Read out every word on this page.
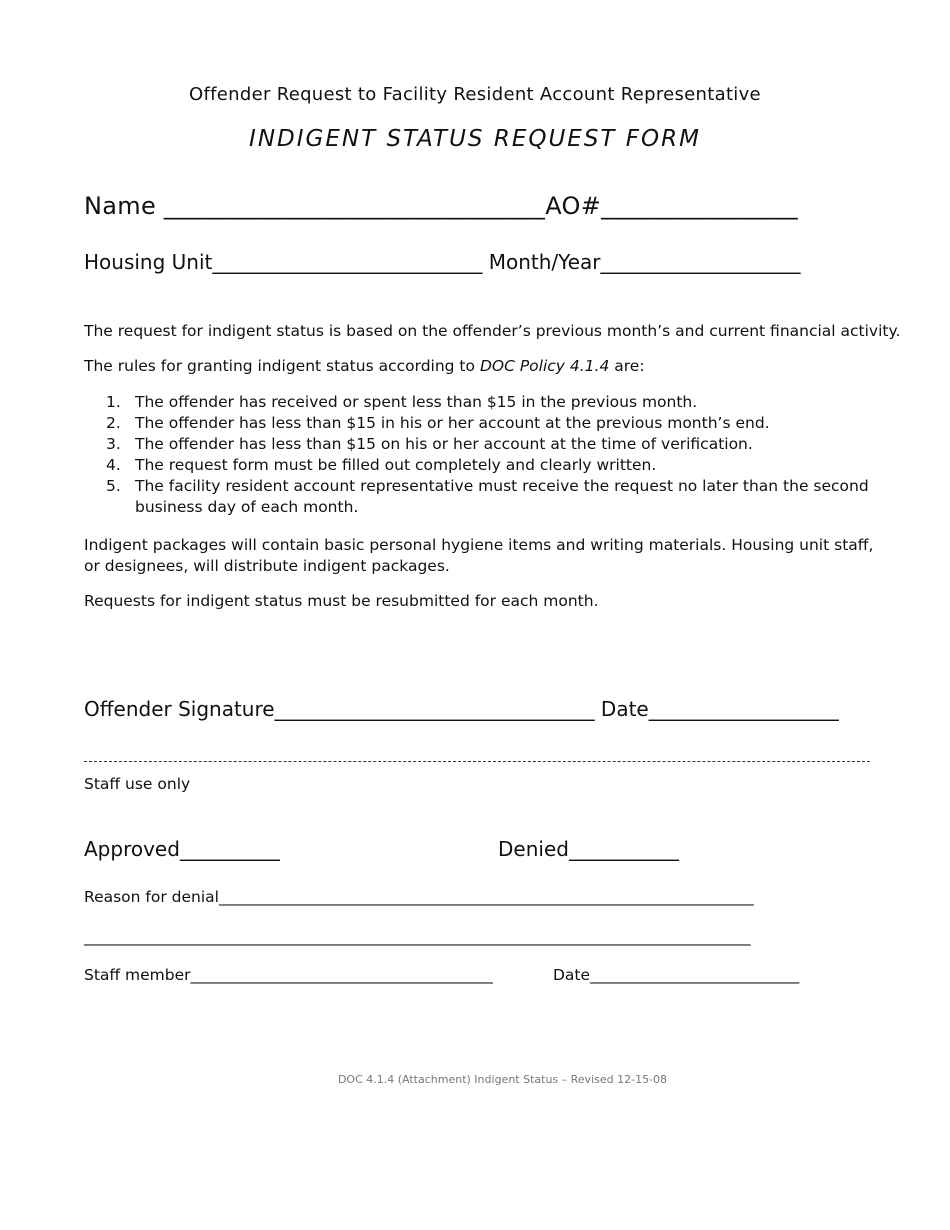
Offender Request to Facility Resident Account Representative
INDIGENT STATUS REQUEST FORM
Name _______________________________AO#________________
Housing Unit___________________________ Month/Year____________________
The request for indigent status is based on the offender’s previous month’s and current financial activity.
The rules for granting indigent status according to DOC Policy 4.1.4 are:
1. The offender has received or spent less than $15 in the previous month.
2. The offender has less than $15 in his or her account at the previous month’s end.
3. The offender has less than $15 on his or her account at the time of verification.
4. The request form must be filled out completely and clearly written.
5. The facility resident account representative must receive the request no later than the second business day of each month.
Indigent packages will contain basic personal hygiene items and writing materials. Housing unit staff, or designees, will distribute indigent packages.
Requests for indigent status must be resubmitted for each month.
Offender Signature________________________________ Date___________________
Staff use only
Approved__________	Denied___________
Reason for denial_____________________________________________________________________
______________________________________________________________________________________
Staff member_______________________________________	Date___________________________
DOC 4.1.4 (Attachment) Indigent Status – Revised 12-15-08
